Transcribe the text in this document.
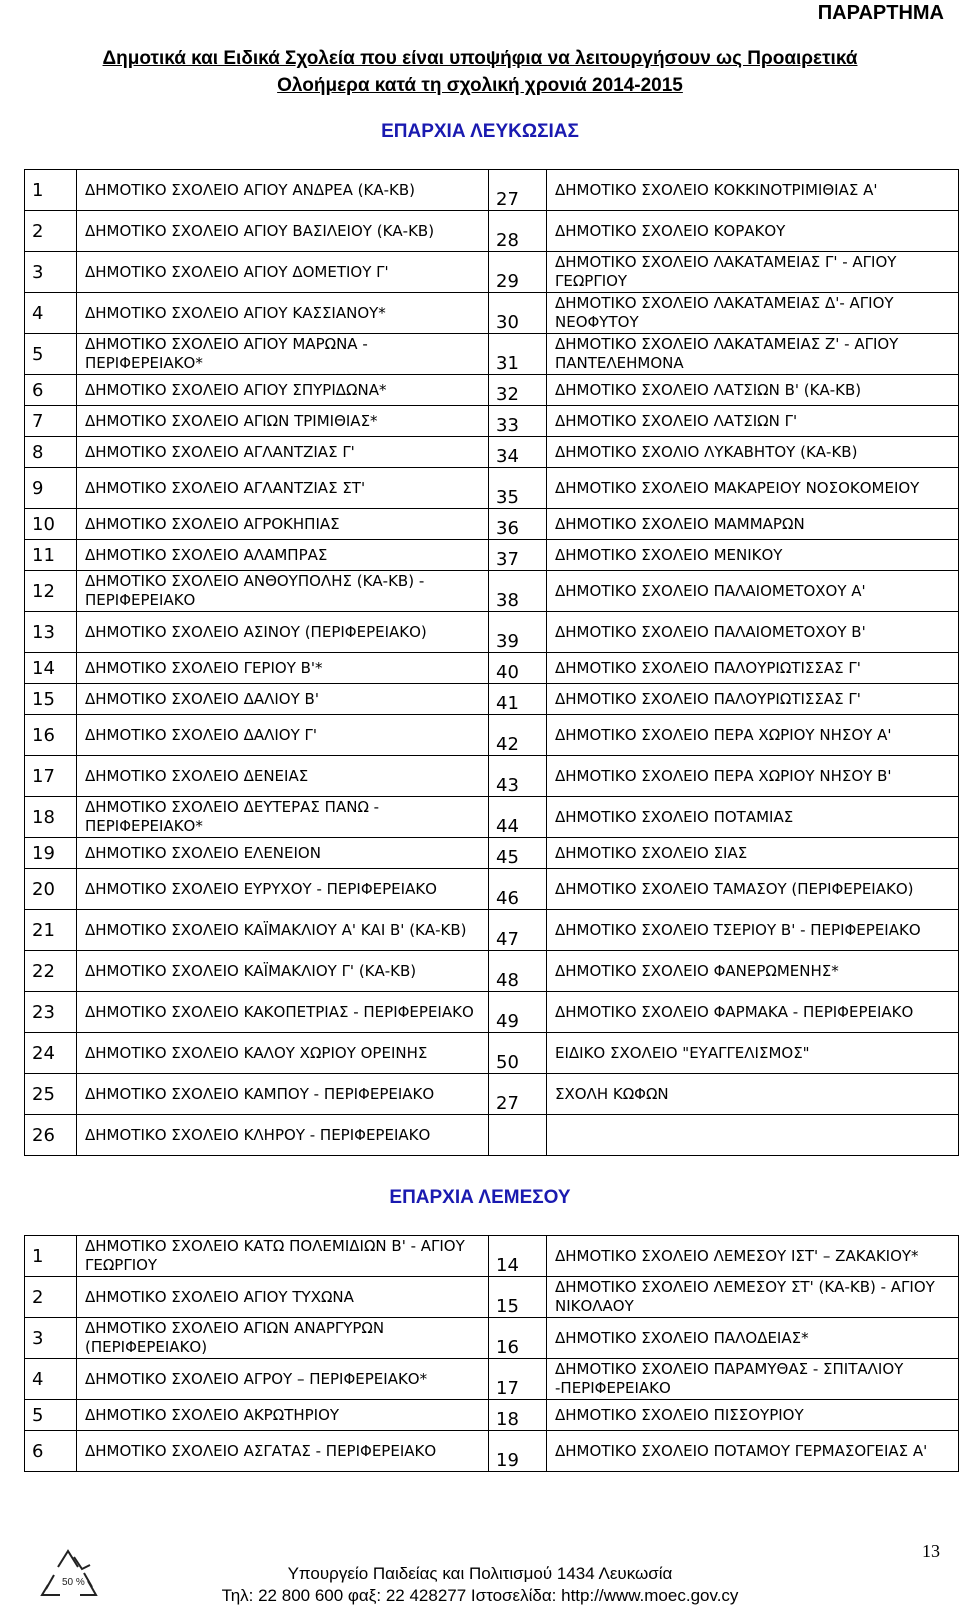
ΠΑΡΑΡΤΗΜΑ
Δημοτικά και Ειδικά Σχολεία που είναι υποψήφια να λειτουργήσουν ως Προαιρετικά
Ολοήμερα κατά τη σχολική χρονιά 2014-2015
ΕΠΑΡΧΙΑ ΛΕΥΚΩΣΙΑΣ
1	ΔΗΜΟΤΙΚΟ ΣΧΟΛΕΙΟ ΑΓΙΟΥ ΑΝΔΡΕΑ (ΚΑ-ΚΒ)	27	ΔΗΜΟΤΙΚΟ ΣΧΟΛΕΙΟ ΚΟΚΚΙΝΟΤΡΙΜΙΘΙΑΣ Α'
2	ΔΗΜΟΤΙΚΟ ΣΧΟΛΕΙΟ ΑΓΙΟΥ ΒΑΣΙΛΕΙΟΥ (ΚΑ-ΚΒ)	28	ΔΗΜΟΤΙΚΟ ΣΧΟΛΕΙΟ ΚΟΡΑΚΟΥ
3	ΔΗΜΟΤΙΚΟ ΣΧΟΛΕΙΟ ΑΓΙΟΥ ΔΟΜΕΤΙΟΥ Γ'	29	ΔΗΜΟΤΙΚΟ ΣΧΟΛΕΙΟ ΛΑΚΑΤΑΜΕΙΑΣ Γ' - ΑΓΙΟΥ ΓΕΩΡΓΙΟΥ
4	ΔΗΜΟΤΙΚΟ ΣΧΟΛΕΙΟ ΑΓΙΟΥ ΚΑΣΣΙΑΝΟΥ*	30	ΔΗΜΟΤΙΚΟ ΣΧΟΛΕΙΟ ΛΑΚΑΤΑΜΕΙΑΣ Δ'- ΑΓΙΟΥ ΝΕΟΦΥΤΟΥ
5	ΔΗΜΟΤΙΚΟ ΣΧΟΛΕΙΟ ΑΓΙΟΥ ΜΑΡΩΝΑ - ΠΕΡΙΦΕΡΕΙΑΚΟ*	31	ΔΗΜΟΤΙΚΟ ΣΧΟΛΕΙΟ ΛΑΚΑΤΑΜΕΙΑΣ Ζ' - ΑΓΙΟΥ ΠΑΝΤΕΛΕΗΜΟΝΑ
6	ΔΗΜΟΤΙΚΟ ΣΧΟΛΕΙΟ ΑΓΙΟΥ ΣΠΥΡΙΔΩΝΑ*	32	ΔΗΜΟΤΙΚΟ ΣΧΟΛΕΙΟ ΛΑΤΣΙΩΝ Β' (ΚΑ-ΚΒ)
7	ΔΗΜΟΤΙΚΟ ΣΧΟΛΕΙΟ ΑΓΙΩΝ ΤΡΙΜΙΘΙΑΣ*	33	ΔΗΜΟΤΙΚΟ ΣΧΟΛΕΙΟ ΛΑΤΣΙΩΝ Γ'
8	ΔΗΜΟΤΙΚΟ ΣΧΟΛΕΙΟ ΑΓΛΑΝΤΖΙΑΣ Γ'	34	ΔΗΜΟΤΙΚΟ ΣΧΟΛΙΟ ΛΥΚΑΒΗΤΟΥ (ΚΑ-ΚΒ)
9	ΔΗΜΟΤΙΚΟ ΣΧΟΛΕΙΟ ΑΓΛΑΝΤΖΙΑΣ ΣΤ'	35	ΔΗΜΟΤΙΚΟ ΣΧΟΛΕΙΟ ΜΑΚΑΡΕΙΟΥ ΝΟΣΟΚΟΜΕΙΟΥ
10	ΔΗΜΟΤΙΚΟ ΣΧΟΛΕΙΟ ΑΓΡΟΚΗΠΙΑΣ	36	ΔΗΜΟΤΙΚΟ ΣΧΟΛΕΙΟ ΜΑΜΜΑΡΩΝ
11	ΔΗΜΟΤΙΚΟ ΣΧΟΛΕΙΟ ΑΛΑΜΠΡΑΣ	37	ΔΗΜΟΤΙΚΟ ΣΧΟΛΕΙΟ ΜΕΝΙΚΟΥ
12	ΔΗΜΟΤΙΚΟ ΣΧΟΛΕΙΟ ΑΝΘΟΥΠΟΛΗΣ (ΚΑ-ΚΒ) - ΠΕΡΙΦΕΡΕΙΑΚΟ	38	ΔΗΜΟΤΙΚΟ ΣΧΟΛΕΙΟ ΠΑΛΑΙΟΜΕΤΟΧΟΥ Α'
13	ΔΗΜΟΤΙΚΟ ΣΧΟΛΕΙΟ ΑΣΙΝΟΥ (ΠΕΡΙΦΕΡΕΙΑΚΟ)	39	ΔΗΜΟΤΙΚΟ ΣΧΟΛΕΙΟ ΠΑΛΑΙΟΜΕΤΟΧΟΥ Β'
14	ΔΗΜΟΤΙΚΟ ΣΧΟΛΕΙΟ ΓΕΡΙΟΥ Β'*	40	ΔΗΜΟΤΙΚΟ ΣΧΟΛΕΙΟ ΠΑΛΟΥΡΙΩΤΙΣΣΑΣ Γ'
15	ΔΗΜΟΤΙΚΟ ΣΧΟΛΕΙΟ ΔΑΛΙΟΥ Β'	41	ΔΗΜΟΤΙΚΟ ΣΧΟΛΕΙΟ ΠΑΛΟΥΡΙΩΤΙΣΣΑΣ Γ'
16	ΔΗΜΟΤΙΚΟ ΣΧΟΛΕΙΟ ΔΑΛΙΟΥ Γ'	42	ΔΗΜΟΤΙΚΟ ΣΧΟΛΕΙΟ ΠΕΡΑ ΧΩΡΙΟΥ ΝΗΣΟΥ Α'
17	ΔΗΜΟΤΙΚΟ ΣΧΟΛΕΙΟ ΔΕΝΕΙΑΣ	43	ΔΗΜΟΤΙΚΟ ΣΧΟΛΕΙΟ ΠΕΡΑ ΧΩΡΙΟΥ ΝΗΣΟΥ Β'
18	ΔΗΜΟΤΙΚΟ ΣΧΟΛΕΙΟ ΔΕΥΤΕΡΑΣ ΠΑΝΩ - ΠΕΡΙΦΕΡΕΙΑΚΟ*	44	ΔΗΜΟΤΙΚΟ ΣΧΟΛΕΙΟ ΠΟΤΑΜΙΑΣ
19	ΔΗΜΟΤΙΚΟ ΣΧΟΛΕΙΟ ΕΛΕΝΕΙΟΝ	45	ΔΗΜΟΤΙΚΟ ΣΧΟΛΕΙΟ ΣΙΑΣ
20	ΔΗΜΟΤΙΚΟ ΣΧΟΛΕΙΟ ΕΥΡΥΧΟΥ - ΠΕΡΙΦΕΡΕΙΑΚΟ	46	ΔΗΜΟΤΙΚΟ ΣΧΟΛΕΙΟ ΤΑΜΑΣΟΥ (ΠΕΡΙΦΕΡΕΙΑΚΟ)
21	ΔΗΜΟΤΙΚΟ ΣΧΟΛΕΙΟ ΚΑΪΜΑΚΛΙΟΥ Α' ΚΑΙ Β' (ΚΑ-ΚΒ)	47	ΔΗΜΟΤΙΚΟ ΣΧΟΛΕΙΟ ΤΣΕΡΙΟΥ Β' - ΠΕΡΙΦΕΡΕΙΑΚΟ
22	ΔΗΜΟΤΙΚΟ ΣΧΟΛΕΙΟ ΚΑΪΜΑΚΛΙΟΥ Γ' (ΚΑ-ΚΒ)	48	ΔΗΜΟΤΙΚΟ ΣΧΟΛΕΙΟ ΦΑΝΕΡΩΜΕΝΗΣ*
23	ΔΗΜΟΤΙΚΟ ΣΧΟΛΕΙΟ ΚΑΚΟΠΕΤΡΙΑΣ - ΠΕΡΙΦΕΡΕΙΑΚΟ	49	ΔΗΜΟΤΙΚΟ ΣΧΟΛΕΙΟ ΦΑΡΜΑΚΑ - ΠΕΡΙΦΕΡΕΙΑΚΟ
24	ΔΗΜΟΤΙΚΟ ΣΧΟΛΕΙΟ ΚΑΛΟΥ ΧΩΡΙΟΥ ΟΡΕΙΝΗΣ	50	ΕΙΔΙΚΟ ΣΧΟΛΕΙΟ "ΕΥΑΓΓΕΛΙΣΜΟΣ"
25	ΔΗΜΟΤΙΚΟ ΣΧΟΛΕΙΟ ΚΑΜΠΟΥ - ΠΕΡΙΦΕΡΕΙΑΚΟ	27	ΣΧΟΛΗ ΚΩΦΩΝ
26	ΔΗΜΟΤΙΚΟ ΣΧΟΛΕΙΟ ΚΛΗΡΟΥ - ΠΕΡΙΦΕΡΕΙΑΚΟ		
ΕΠΑΡΧΙΑ ΛΕΜΕΣΟΥ
1	ΔΗΜΟΤΙΚΟ ΣΧΟΛΕΙΟ ΚΑΤΩ ΠΟΛΕΜΙΔΙΩΝ Β' - ΑΓΙΟΥ ΓΕΩΡΓΙΟΥ	14	ΔΗΜΟΤΙΚΟ ΣΧΟΛΕΙΟ ΛΕΜΕΣΟΥ ΙΣΤ' – ΖΑΚΑΚΙΟΥ*
2	ΔΗΜΟΤΙΚΟ ΣΧΟΛΕΙΟ ΑΓΙΟΥ ΤΥΧΩΝΑ	15	ΔΗΜΟΤΙΚΟ ΣΧΟΛΕΙΟ ΛΕΜΕΣΟΥ ΣΤ' (ΚΑ-ΚΒ) - ΑΓΙΟΥ ΝΙΚΟΛΑΟΥ
3	ΔΗΜΟΤΙΚΟ ΣΧΟΛΕΙΟ ΑΓΙΩΝ ΑΝΑΡΓΥΡΩΝ (ΠΕΡΙΦΕΡΕΙΑΚΟ)	16	ΔΗΜΟΤΙΚΟ ΣΧΟΛΕΙΟ ΠΑΛΟΔΕΙΑΣ*
4	ΔΗΜΟΤΙΚΟ ΣΧΟΛΕΙΟ ΑΓΡΟΥ – ΠΕΡΙΦΕΡΕΙΑΚΟ*	17	ΔΗΜΟΤΙΚΟ ΣΧΟΛΕΙΟ ΠΑΡΑΜΥΘΑΣ - ΣΠΙΤΑΛΙΟΥ -ΠΕΡΙΦΕΡΕΙΑΚΟ
5	ΔΗΜΟΤΙΚΟ ΣΧΟΛΕΙΟ ΑΚΡΩΤΗΡΙΟΥ	18	ΔΗΜΟΤΙΚΟ ΣΧΟΛΕΙΟ ΠΙΣΣΟΥΡΙΟΥ
6	ΔΗΜΟΤΙΚΟ ΣΧΟΛΕΙΟ ΑΣΓΑΤΑΣ - ΠΕΡΙΦΕΡΕΙΑΚΟ	19	ΔΗΜΟΤΙΚΟ ΣΧΟΛΕΙΟ ΠΟΤΑΜΟΥ ΓΕΡΜΑΣΟΓΕΙΑΣ Α'
50 %
13
Υπουργείο Παιδείας και Πολιτισμού 1434 Λευκωσία
Τηλ: 22 800 600 φαξ: 22 428277 Ιστοσελίδα: http://www.moec.gov.cy
